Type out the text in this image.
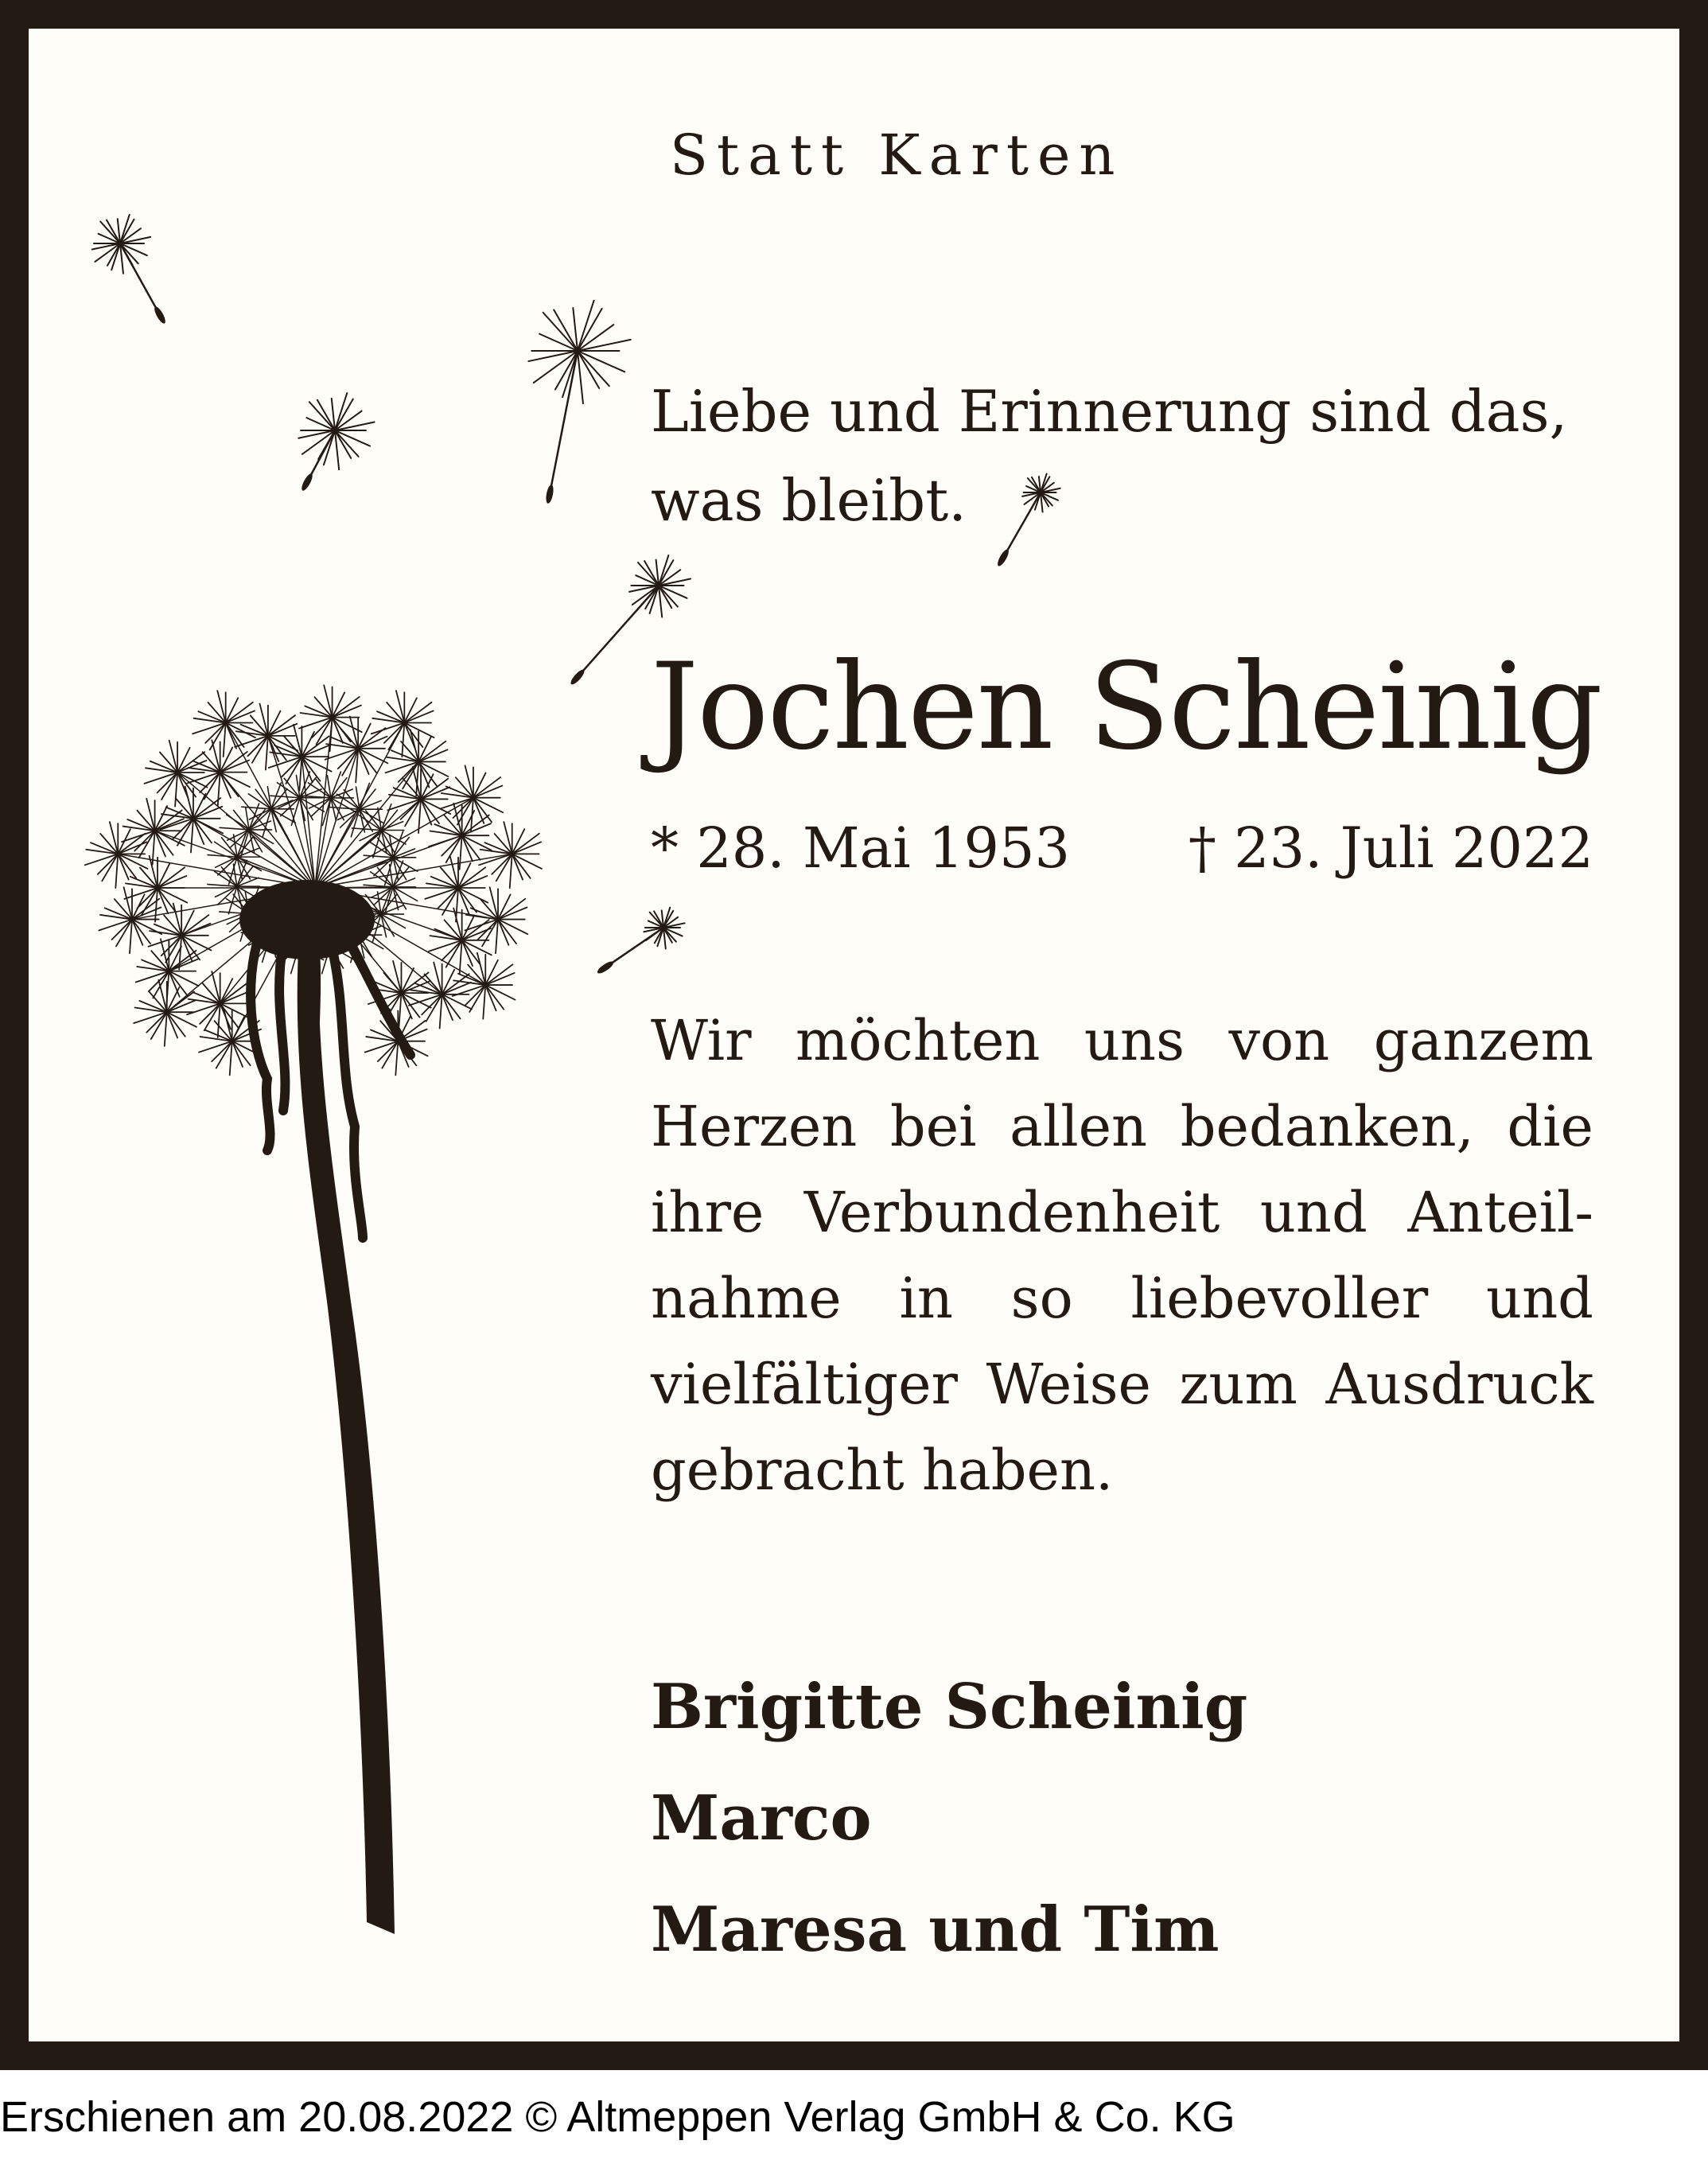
Statt Karten
Liebe und Erinnerung sind das,
was bleibt.
Jochen Scheinig
* 28. Mai 1953 † 23. Juli 2022
Wir möchten uns von ganzem
Herzen bei allen bedanken, die
ihre Verbundenheit und Anteil-
nahme in so liebevoller und
vielfältiger Weise zum Ausdruck
gebracht haben.
Brigitte Scheinig
Marco
Maresa und Tim
Erschienen am 20.08.2022 © Altmeppen Verlag GmbH & Co. KG
